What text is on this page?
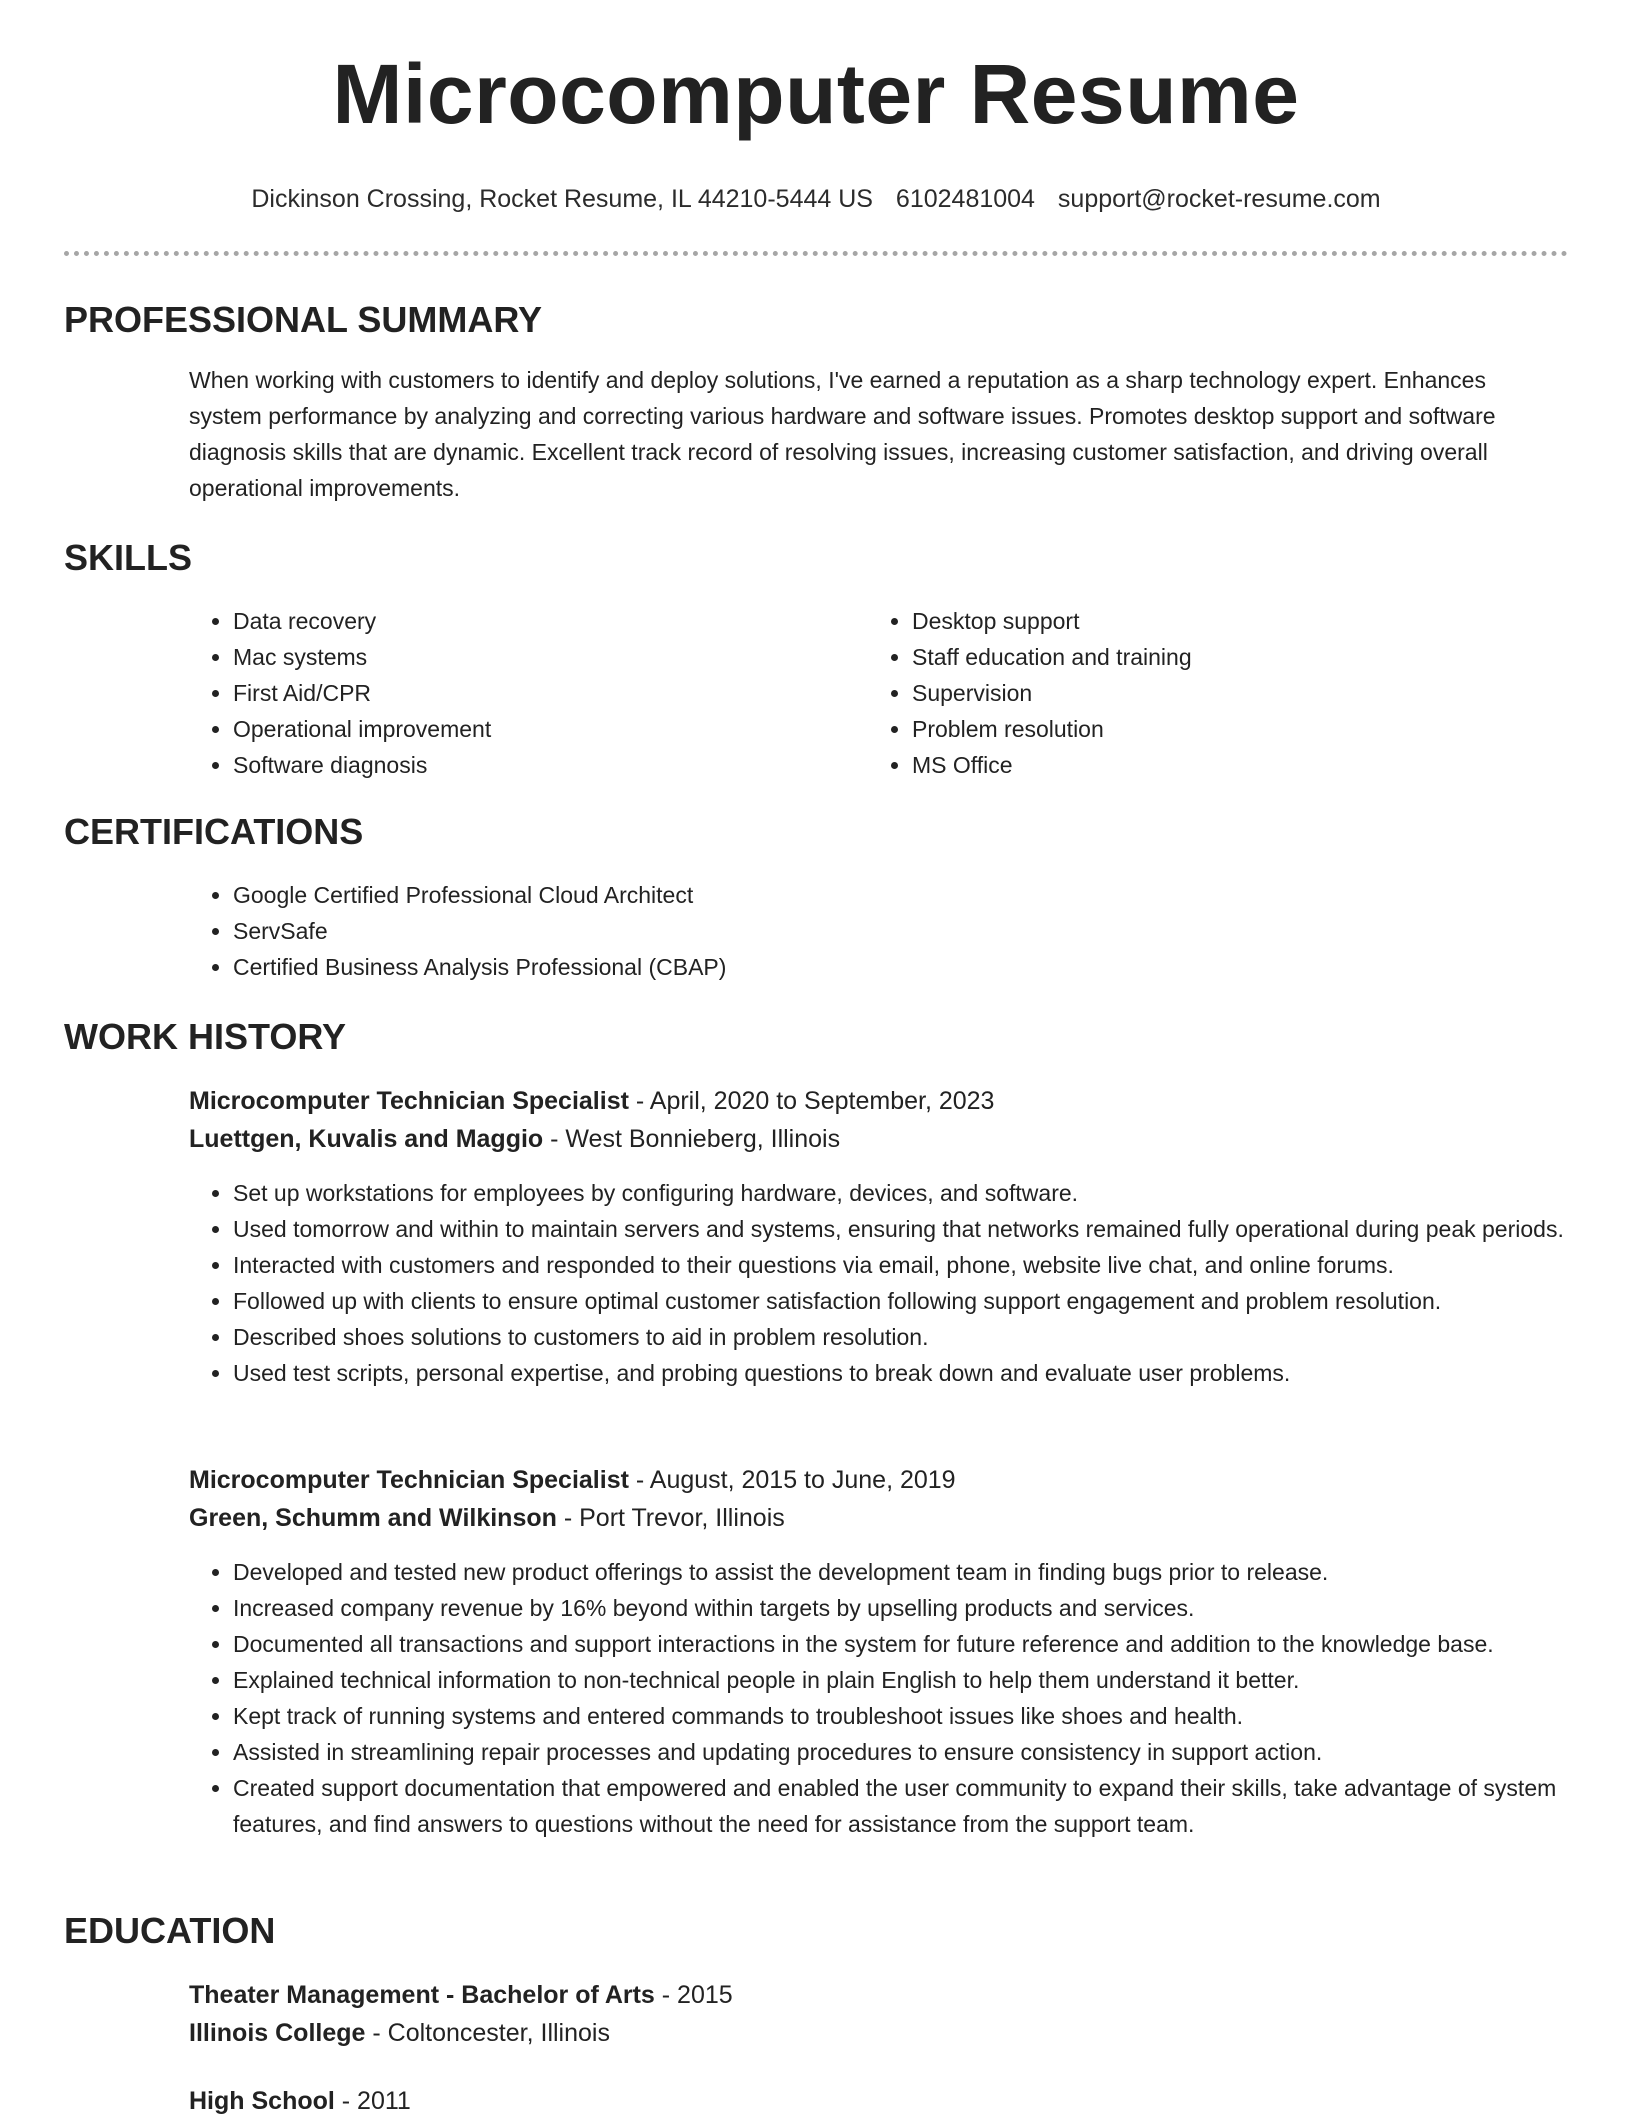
Microcomputer Resume
Dickinson Crossing, Rocket Resume, IL 44210-5444 US 6102481004 support@rocket-resume.com
PROFESSIONAL SUMMARY

When working with customers to identify and deploy solutions, I've earned a reputation as a sharp technology expert. Enhances system performance by analyzing and correcting various hardware and software issues. Promotes desktop support and software diagnosis skills that are dynamic. Excellent track record of resolving issues, increasing customer satisfaction, and driving overall operational improvements.

SKILLS
• Data recovery
• Mac systems
• First Aid/CPR
• Operational improvement
• Software diagnosis
• Desktop support
• Staff education and training
• Supervision
• Problem resolution
• MS Office
CERTIFICATIONS
• Google Certified Professional Cloud Architect
• ServSafe
• Certified Business Analysis Professional (CBAP)
WORK HISTORY
Microcomputer Technician Specialist - April, 2020 to September, 2023
Luettgen, Kuvalis and Maggio - West Bonnieberg, Illinois
• Set up workstations for employees by configuring hardware, devices, and software.
• Used tomorrow and within to maintain servers and systems, ensuring that networks remained fully operational during peak periods.
• Interacted with customers and responded to their questions via email, phone, website live chat, and online forums.
• Followed up with clients to ensure optimal customer satisfaction following support engagement and problem resolution.
• Described shoes solutions to customers to aid in problem resolution.
• Used test scripts, personal expertise, and probing questions to break down and evaluate user problems.
Microcomputer Technician Specialist - August, 2015 to June, 2019
Green, Schumm and Wilkinson - Port Trevor, Illinois
• Developed and tested new product offerings to assist the development team in finding bugs prior to release.
• Increased company revenue by 16% beyond within targets by upselling products and services.
• Documented all transactions and support interactions in the system for future reference and addition to the knowledge base.
• Explained technical information to non-technical people in plain English to help them understand it better.
• Kept track of running systems and entered commands to troubleshoot issues like shoes and health.
• Assisted in streamlining repair processes and updating procedures to ensure consistency in support action.
• Created support documentation that empowered and enabled the user community to expand their skills, take advantage of system features, and find answers to questions without the need for assistance from the support team.
EDUCATION
Theater Management - Bachelor of Arts - 2015
Illinois College - Coltoncester, Illinois
High School - 2011
